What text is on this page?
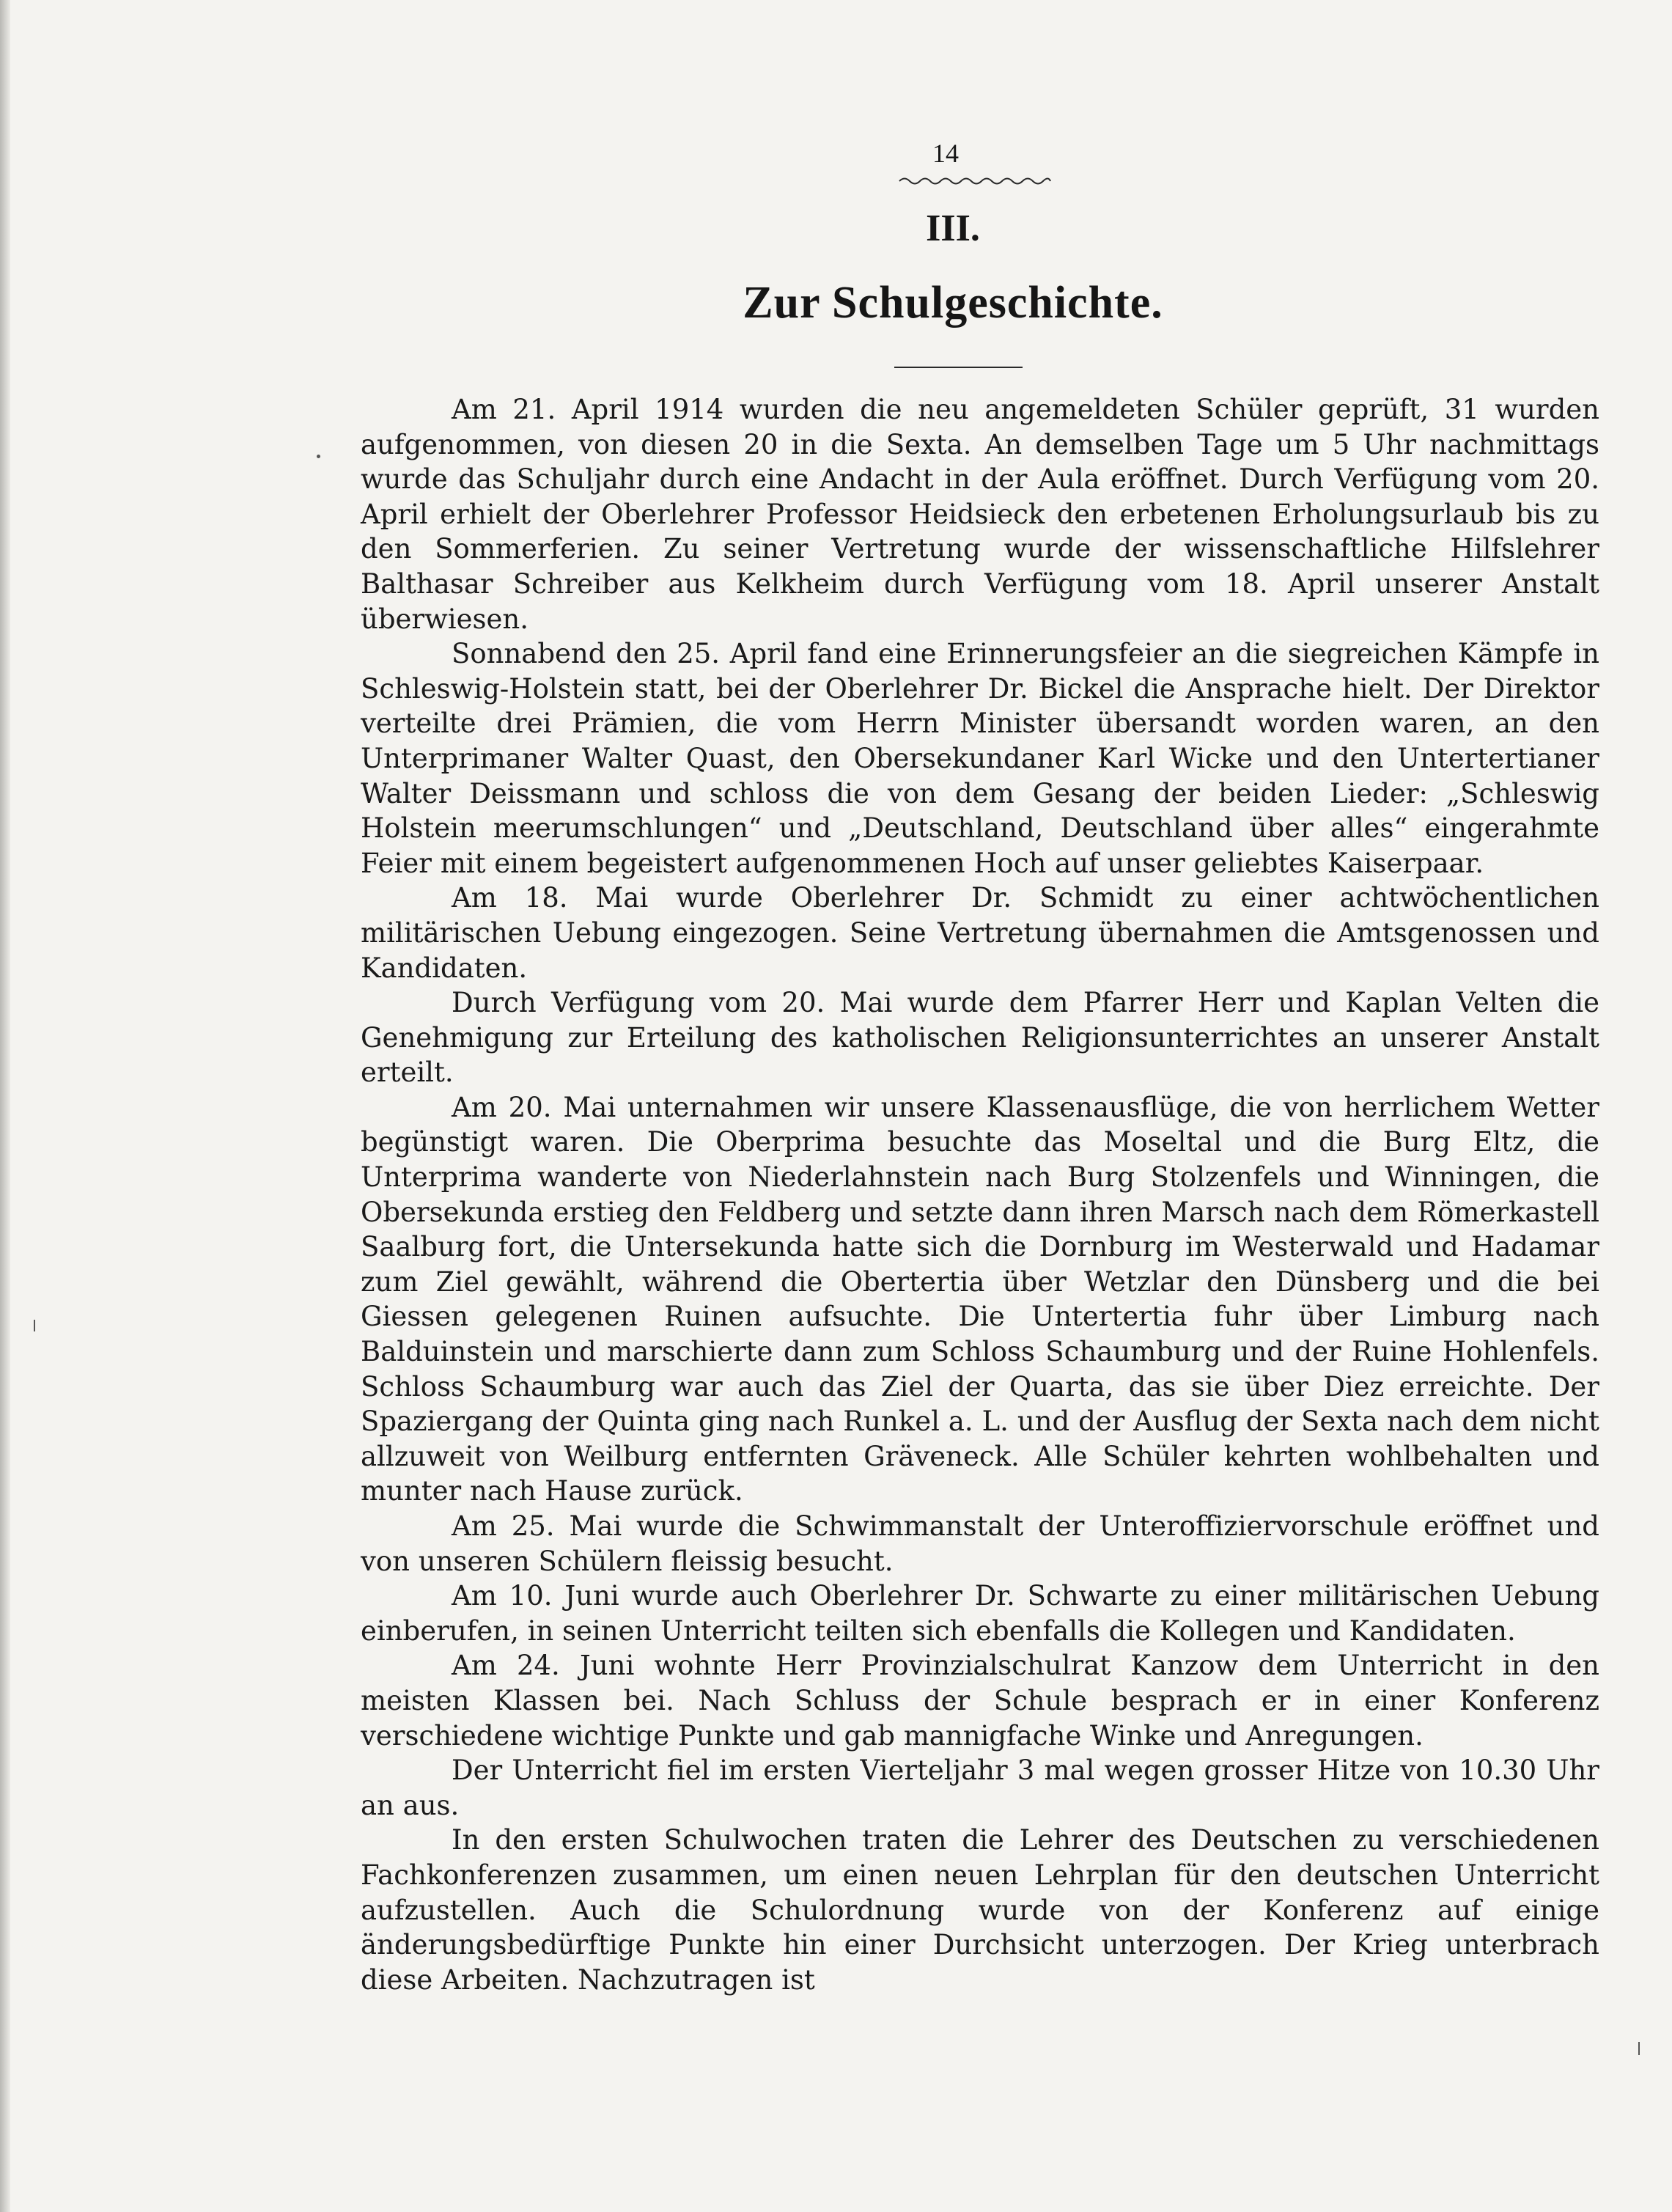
14
III.
Zur Schulgeschichte.

Am 21. April 1914 wurden die neu angemeldeten Schüler geprüft, 31 wurden aufgenommen, von diesen 20 in die Sexta. An demselben Tage um 5 Uhr nachmittags wurde das Schuljahr durch eine Andacht in der Aula eröffnet. Durch Verfügung vom 20. April erhielt der Oberlehrer Professor Heidsieck den erbetenen Erholungsurlaub bis zu den Sommerferien. Zu seiner Vertretung wurde der wissenschaftliche Hilfslehrer Balthasar Schreiber aus Kelkheim durch Verfügung vom 18. April unserer Anstalt überwiesen.

Sonnabend den 25. April fand eine Erinnerungsfeier an die siegreichen Kämpfe in Schleswig-Holstein statt, bei der Oberlehrer Dr. Bickel die Ansprache hielt. Der Direktor verteilte drei Prämien, die vom Herrn Minister übersandt worden waren, an den Unterprimaner Walter Quast, den Obersekundaner Karl Wicke und den Untertertianer Walter Deissmann und schloss die von dem Gesang der beiden Lieder: „Schleswig Holstein meerumschlungen“ und „Deutschland, Deutschland über alles“ eingerahmte Feier mit einem begeistert aufgenommenen Hoch auf unser geliebtes Kaiserpaar.

Am 18. Mai wurde Oberlehrer Dr. Schmidt zu einer achtwöchentlichen militärischen Uebung eingezogen. Seine Vertretung übernahmen die Amtsgenossen und Kandidaten.

Durch Verfügung vom 20. Mai wurde dem Pfarrer Herr und Kaplan Velten die Genehmigung zur Erteilung des katholischen Religionsunterrichtes an unserer Anstalt erteilt.

Am 20. Mai unternahmen wir unsere Klassenausflüge, die von herrlichem Wetter begünstigt waren. Die Oberprima besuchte das Moseltal und die Burg Eltz, die Unterprima wanderte von Niederlahnstein nach Burg Stolzenfels und Winningen, die Obersekunda erstieg den Feldberg und setzte dann ihren Marsch nach dem Römerkastell Saalburg fort, die Untersekunda hatte sich die Dornburg im Westerwald und Hadamar zum Ziel gewählt, während die Obertertia über Wetzlar den Dünsberg und die bei Giessen gelegenen Ruinen aufsuchte. Die Untertertia fuhr über Limburg nach Balduinstein und marschierte dann zum Schloss Schaumburg und der Ruine Hohlenfels. Schloss Schaumburg war auch das Ziel der Quarta, das sie über Diez erreichte. Der Spaziergang der Quinta ging nach Runkel a. L. und der Ausflug der Sexta nach dem nicht allzuweit von Weilburg entfernten Gräveneck. Alle Schüler kehrten wohlbehalten und munter nach Hause zurück.

Am 25. Mai wurde die Schwimmanstalt der Unteroffiziervorschule eröffnet und von unseren Schülern fleissig besucht.

Am 10. Juni wurde auch Oberlehrer Dr. Schwarte zu einer militärischen Uebung einberufen, in seinen Unterricht teilten sich ebenfalls die Kollegen und Kandidaten.

Am 24. Juni wohnte Herr Provinzialschulrat Kanzow dem Unterricht in den meisten Klassen bei. Nach Schluss der Schule besprach er in einer Konferenz verschiedene wichtige Punkte und gab mannigfache Winke und Anregungen.

Der Unterricht fiel im ersten Vierteljahr 3 mal wegen grosser Hitze von 10.30 Uhr an aus.

In den ersten Schulwochen traten die Lehrer des Deutschen zu verschiedenen Fachkonferenzen zusammen, um einen neuen Lehrplan für den deutschen Unterricht aufzustellen. Auch die Schulordnung wurde von der Konferenz auf einige änderungsbedürftige Punkte hin einer Durchsicht unterzogen. Der Krieg unterbrach diese Arbeiten. Nachzutragen ist
